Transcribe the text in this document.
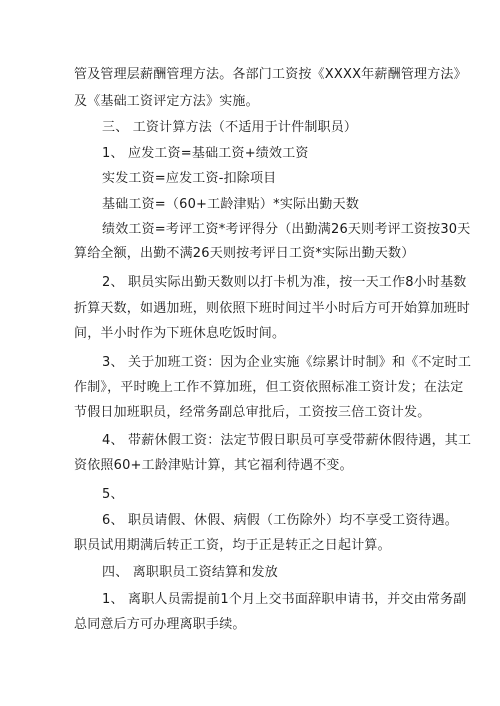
管及管理层薪酬管理方法。各部门工资按《XXXX年薪酬管理方法》
及《基础工资评定方法》实施。
三、 工资计算方法（不适用于计件制职员）
1、 应发工资=基础工资+绩效工资
实发工资=应发工资-扣除项目
基础工资=（60+工龄津贴）*实际出勤天数
绩效工资=考评工资*考评得分（出勤满26天则考评工资按30天
算给全额，出勤不满26天则按考评日工资*实际出勤天数）
2、 职员实际出勤天数则以打卡机为准，按一天工作8小时基数
折算天数，如遇加班，则依照下班时间过半小时后方可开始算加班时
间，半小时作为下班休息吃饭时间。
3、 关于加班工资：因为企业实施《综累计时制》和《不定时工
作制》，平时晚上工作不算加班，但工资依照标准工资计发；在法定
节假日加班职员，经常务副总审批后，工资按三倍工资计发。
4、 带薪休假工资：法定节假日职员可享受带薪休假待遇，其工
资依照60+工龄津贴计算，其它福利待遇不变。
5、
6、 职员请假、休假、病假（工伤除外）均不享受工资待遇。
职员试用期满后转正工资，均于正是转正之日起计算。
四、 离职职员工资结算和发放
1、 离职人员需提前1个月上交书面辞职申请书，并交由常务副
总同意后方可办理离职手续。
